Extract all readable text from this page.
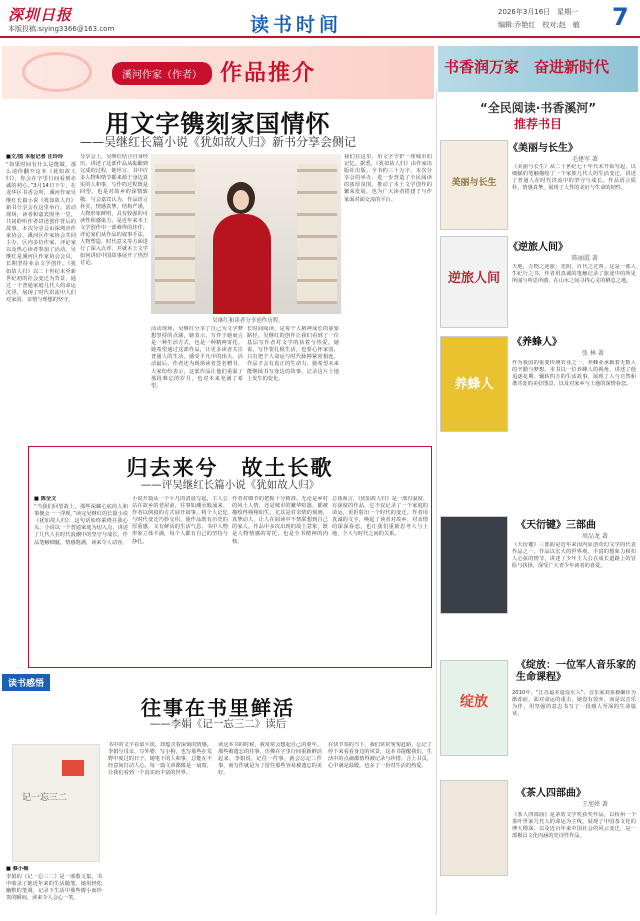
深圳日报
本版投稿:siying3366@163.com	读书时间
2026年3月16日　星期一
编辑:乔艳红　校对:赵　敏	7
溪河作家（作者） 作品推介
用文字镌刻家国情怀
——吴继红长篇小说《犹如故人归》新书分享会侧记
■文/图 本报记者 汪玲玲
“如果时间有什么是能做，那么请你翻开这本《犹如故人归》，你会在字里行间看到赤诚的初心。”3月14日下午，在龙华区书香会所，溪河作家吴继红长篇小说《犹如故人归》新书分享会在这里举行。活动现场，读者和嘉宾围坐一堂，共同聆听作者讲述创作背后的故事。本次分享会由深圳市作家协会、溪河区作家协会共同主办，区内多位作家、评论家以及热心读者参加了活动。吴继红是溪河区作家协会会员，长期坚持业余文学创作。《犹如故人归》以二十世纪末至新世纪初的社会变迁为背景，通过一个普通家庭几代人的命运沉浮，展现了时代洪流中人们对家国、亲情与理想的坚守。
分享会上，吴继红结合自身经历，讲述了这部作品从酝酿到完成的过程。她坦言，书中许多人物和情节都来源于身边真实的人和事，写作的过程既是回望，也是对故乡的深情致敬。与会嘉宾认为，作品语言朴实，情感真挚，结构严谨，人物形象鲜明，具有较强的可读性和感染力，是近年来本土文学创作中一部难得的佳作。评论家们从作品的叙事手法、人物塑造、时代意义等方面进行了深入点评，并就本土文学如何讲好中国故事展开了热烈讨论。
吴继红和读者分享创作历程。
我们在这里，用文字守护一座城市的记忆。据悉，《犹如故人归》由作家出版社出版，全书约三十万字。本次分享会的举办，进一步营造了全民阅读的浓厚氛围，推动了本土文学创作的繁荣发展，也为广大读者搭建了与作家面对面交流的平台。
活动现场，吴继红分享了自己为文学梦想坚持的点滴，她表示，写作于她而言是一种生活方式，也是一种精神寄托。她希望通过这部作品，让更多读者关注普通人的生活，感受平凡中的伟大。活动最后，作者还为现场读者签名赠书，大家纷纷表示，这部作品让他们重温了那段难忘的岁月，也对未来充满了希望。
长时间阅读，是每个人精神成长的重要路径。吴继红的创作让我们看到了一位基层写作者对文学的执着与热爱。她说，写作要扎根生活，也要心怀家国，只有把个人命运与时代脉搏紧密相连，作品才会有真正的生命力。她希望未来能继续书写身边的故事，记录这片土地上发生的变化。
归去来兮　故土长歌
——评吴继红长篇小说《犹如故人归》
■ 陈全文
“当我们回望故土，那些深藏心底的人和事便会一一浮现。”读完吴继红的长篇小说《犹如故人归》，这句话始终萦绕在我心头。小说以一个普通家庭为切入点，讲述了几代人在时代浪潮中的坚守与成长，作品笔触细腻，情感饱满，读来令人动容。
小说开篇从一个平凡的清晨写起，主人公站在故乡的老屋前，往事如潮水般涌来。作者以倒叙的方式展开叙事，将个人记忆与时代变迁巧妙交织，使作品既有历史的厚重感，又有鲜活的生活气息。书中人物形象立体丰满，每个人都有自己的坚持与挣扎。
作者对细节的把握十分精准。无论是乡村的风土人情，还是城市的繁华喧嚣，都被描绘得栩栩如生。尤其是对亲情的刻画，真挚动人，让人在阅读中不禁联想到自己的家人。作品中多次出现的故土意象，既是人物情感的寄托，也是全书精神的内核。
总体而言，《犹如故人归》是一部有温度、有深度的作品。它不仅记录了一个家庭的命运，更折射出一个时代的变迁。作者用真诚的文字，唤起了读者对故乡、对亲情的深深眷恋，也让我们重新思考人与土地、个人与时代之间的关系。
读书感悟
往事在书里鲜活
——李娟《记一忘三二》读后
记一忘三二
■ 蔡小梅
李娟的《记一忘三二》是一部散文集，书中收录了她近年来的生活随笔。她用轻松幽默的笔调，记录下生活中那些微小而珍贵的瞬间，读来令人会心一笑。
书中的文字看似平淡，却蕴含着深刻的情感。李娟写母亲、写外婆、写小狗，也写那些在荒野中度过的日子。她笔下的人和事，总能在不经意间打动人心。每一篇文章都像是一扇窗，让我们看到一个真实而丰富的世界。
读这本书的时候，我常常会想起自己的童年。那些被遗忘的往事，仿佛在字里行间重新鲜活起来。李娟说，记住一件事，就会忘记三件事，而写作就是为了留住那些容易被遗忘的美好。
在快节奏的当下，我们常常匆匆赶路，忘记了停下来看看身边的风景。这本书提醒我们，生活中的点滴都值得被记录与珍惜。合上书页，心中满是温暖，也多了一份对生活的热爱。
书香润万家　奋进新时代
“全民阅读·书香溪河”
推荐书目
《美丽与长生》
毛建军 著
美丽与长生
《美丽与长生》从二十世纪七十年代末开始写起，以细腻的笔触描绘了一个家族几代人的生活变迁，讲述了普通人在时代洪流中的坚守与成长。作品语言质朴，情感真挚，展现了人性的美好与生命的韧性。
《逆旅人间》
陈丽霞 著
逆旅人间
天地，万物之逆旅；光阴，百代之过客。这是一部人生纪行之书，作者用真诚的笔触记录了旅途中的所见所闻与所思所感，在山水之间寻找心灵的栖息之地。
《养蜂人》
张 林 著
养蜂人
作为我国的重要传统农业之一，养蜂业承载着无数人的辛勤与梦想。本书以一位养蜂人的视角，讲述了他追逐花期、辗转四方的生活故事，展现了人与自然和谐共处的美好图景，以及对家乡与土地的深情眷恋。
《天衍键》三部曲
周品龙 著
《天衍键》三部曲是近年来国内原创奇幻文学的代表作品之一。作品以宏大的世界观、丰富的想象力和扣人心弦的情节，讲述了少年主人公在成长道路上的冒险与抉择，深受广大青少年读者的喜爱。
《绽放：一位军人音乐家的生命课程》
绽放
2010年，“江苏最美退役军人”、音乐家刘某被确诊为渐冻症，面对命运的重击，她没有放弃，而是以音乐为伴，用坚强的意志书写了一段感人至深的生命篇章。
《茶人四部曲》
王旭烽 著
《茶人四部曲》是茅盾文学奖获奖作品，以杭州一个茶叶世家几代人的命运为主线，展现了中国茶文化的博大精深，以及近百年来中国社会的风云变迁，是一部极具文化内涵的史诗性作品。
